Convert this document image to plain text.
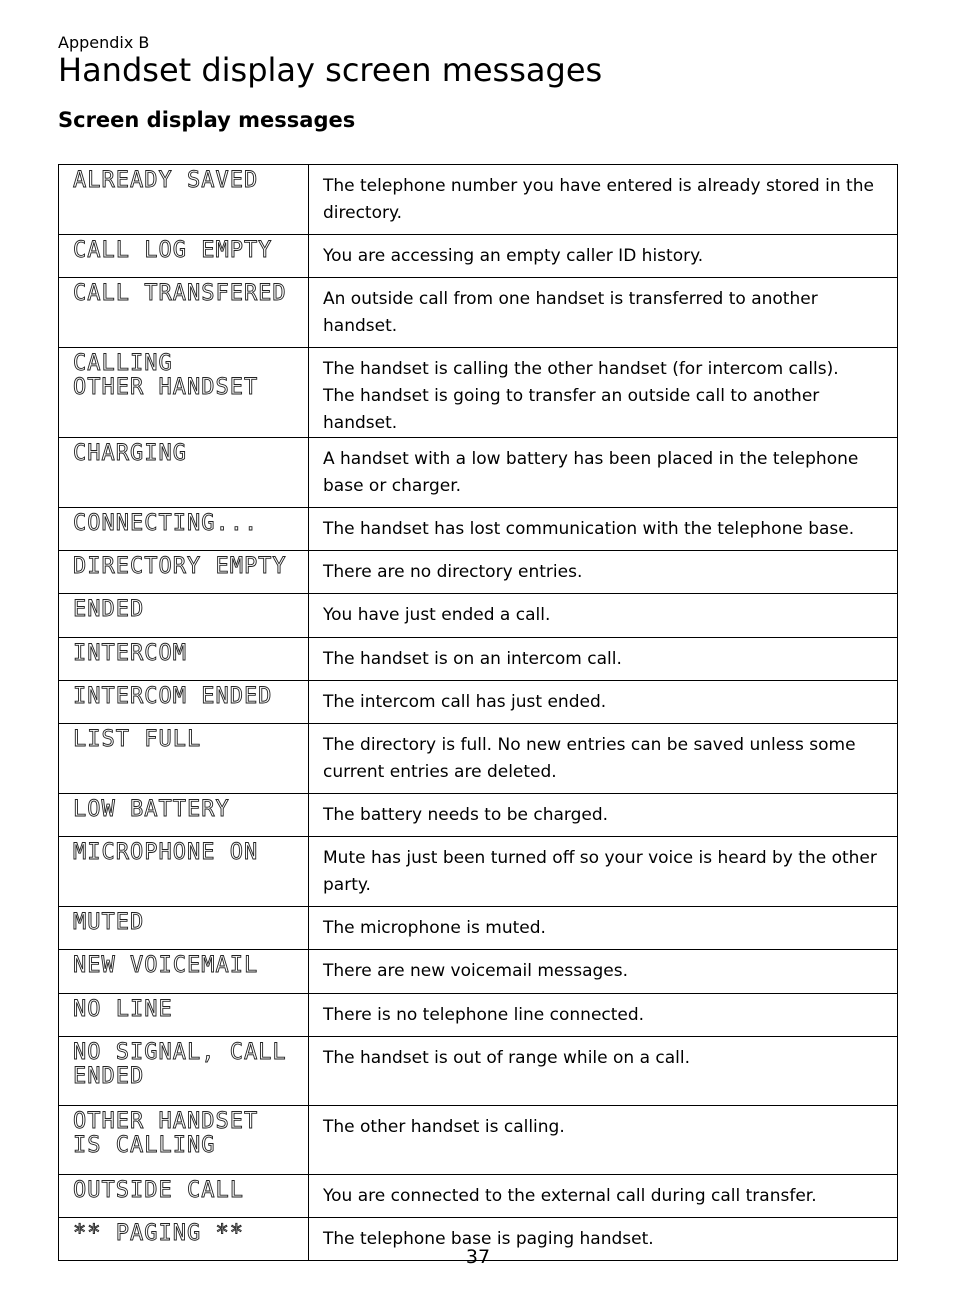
Appendix B
Handset display screen messages
Screen display messages
ALREADY SAVED	The telephone number you have entered is already stored in the directory.

CALL LOG EMPTY	You are accessing an empty caller ID history.

CALL TRANSFERED	An outside call from one handset is transferred to another handset.

CALLING
OTHER HANDSET	The handset is calling the other handset (for intercom calls).
The handset is going to transfer an outside call to another handset.

CHARGING	A handset with a low battery has been placed in the telephone base or charger.

CONNECTING...	The handset has lost communication with the telephone base.

DIRECTORY EMPTY	There are no directory entries.

ENDED	You have just ended a call.

INTERCOM	The handset is on an intercom call.

INTERCOM ENDED	The intercom call has just ended.

LIST FULL	The directory is full. No new entries can be saved unless some current entries are deleted.

LOW BATTERY	The battery needs to be charged.

MICROPHONE ON	Mute has just been turned off so your voice is heard by the other party.

MUTED	The microphone is muted.

NEW VOICEMAIL	There are new voicemail messages.

NO LINE	There is no telephone line connected.

NO SIGNAL, CALL
ENDED	The handset is out of range while on a call.

OTHER HANDSET
IS CALLING	The other handset is calling.

OUTSIDE CALL	You are connected to the external call during call transfer.

** PAGING **	The telephone base is paging handset.
37
